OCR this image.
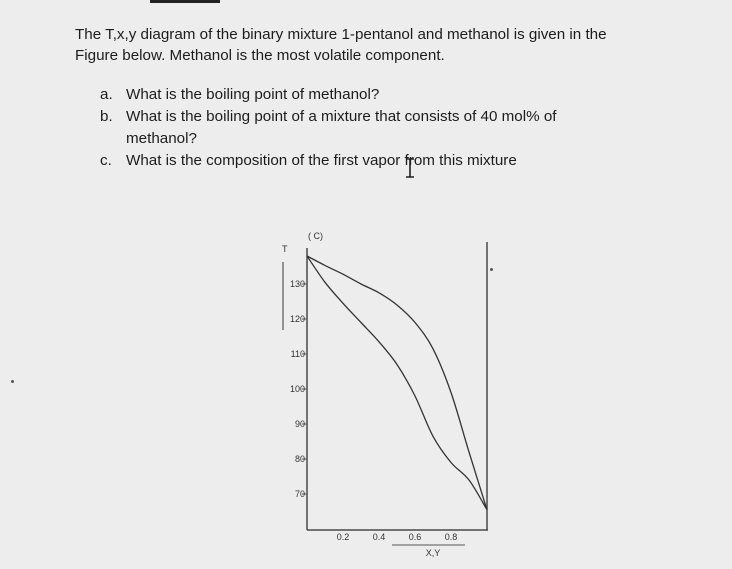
The T,x,y diagram of the binary mixture 1-pentanol and methanol is given in the
Figure below. Methanol is the most volatile component.
a. What is the boiling point of methanol?
b. What is the boiling point of a mixture that consists of 40 mol% of
methanol?
c. What is the composition of the first vapor from this mixture
( C)
T
X,Y
130
120
110
100
90
80
70
0.2	0.4	0.6	0.8
